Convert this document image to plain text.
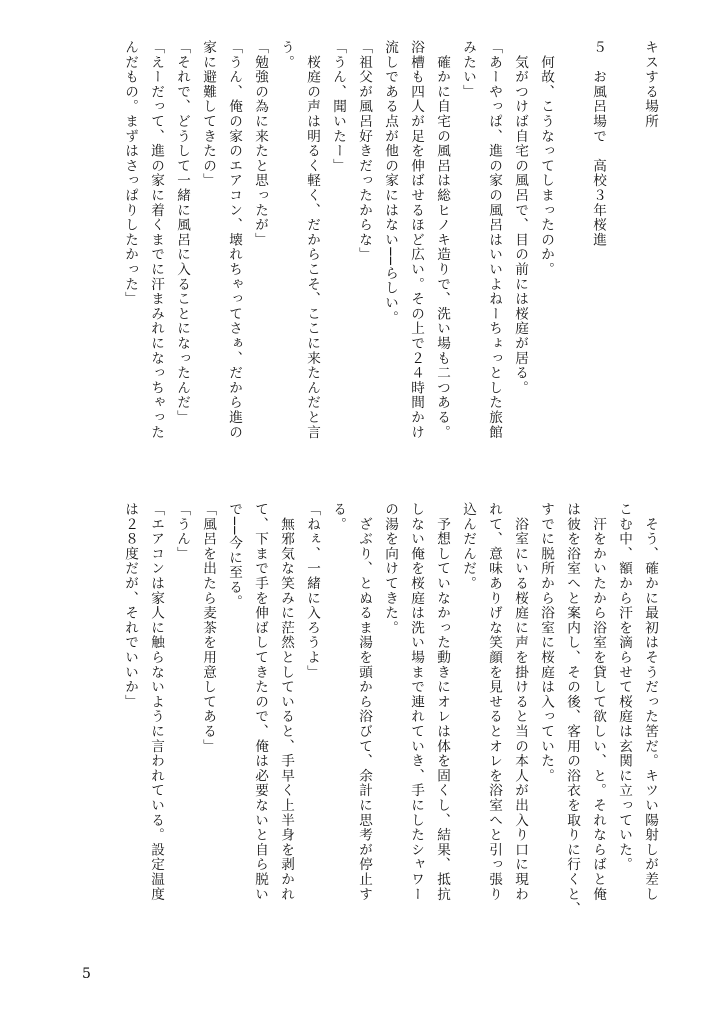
キスする場所

５　お風呂場で　高校３年桜進

　何故、こうなってしまったのか。
　気がつけば自宅の風呂で、目の前には桜庭が居る。
「あーやっぱ、進の家の風呂はいいよねーちょっとした旅館
みたい」
　確かに自宅の風呂は総ヒノキ造りで、洗い場も二つある。
浴槽も四人が足を伸ばせるほど広い。その上で２４時間かけ
流しである点が他の家にはない──らしい。
「祖父が風呂好きだったからな」
「うん、聞いたー」
　桜庭の声は明るく軽く、だからこそ、ここに来たんだと言
う。
「勉強の為に来たと思ったが」
「うん、俺の家のエアコン、壊れちゃってさぁ、だから進の
家に避難してきたの」
「それで、どうして一緒に風呂に入ることになったんだ」
「えーだって、進の家に着くまでに汗まみれになっちゃった
んだもの。まずはさっぱりしたかった」
　そう、確かに最初はそうだった筈だ。キツい陽射しが差し
こむ中、額から汗を滴らせて桜庭は玄関に立っていた。
　汗をかいたから浴室を貸して欲しい、と。それならばと俺
は彼を浴室へと案内し、その後、客用の浴衣を取りに行くと、
すでに脱所から浴室に桜庭は入っていた。
　浴室にいる桜庭に声を掛けると当の本人が出入り口に現わ
れて、意味ありげな笑顔を見せるとオレを浴室へと引っ張り
込んだんだ。
　予想していなかった動きにオレは体を固くし、結果、抵抗
しない俺を桜庭は洗い場まで連れていき、手にしたシャワー
の湯を向けてきた。
　ざぶり、とぬるま湯を頭から浴びて、余計に思考が停止す
る。
「ねぇ、一緒に入ろうよ」
　無邪気な笑みに茫然としていると、手早く上半身を剥かれ
て、下まで手を伸ばしてきたので、俺は必要ないと自ら脱い
で──今に至る。
「風呂を出たら麦茶を用意してある」
「うん」
「エアコンは家人に触らないように言われている。設定温度
は２８度だが、それでいいか」
5
